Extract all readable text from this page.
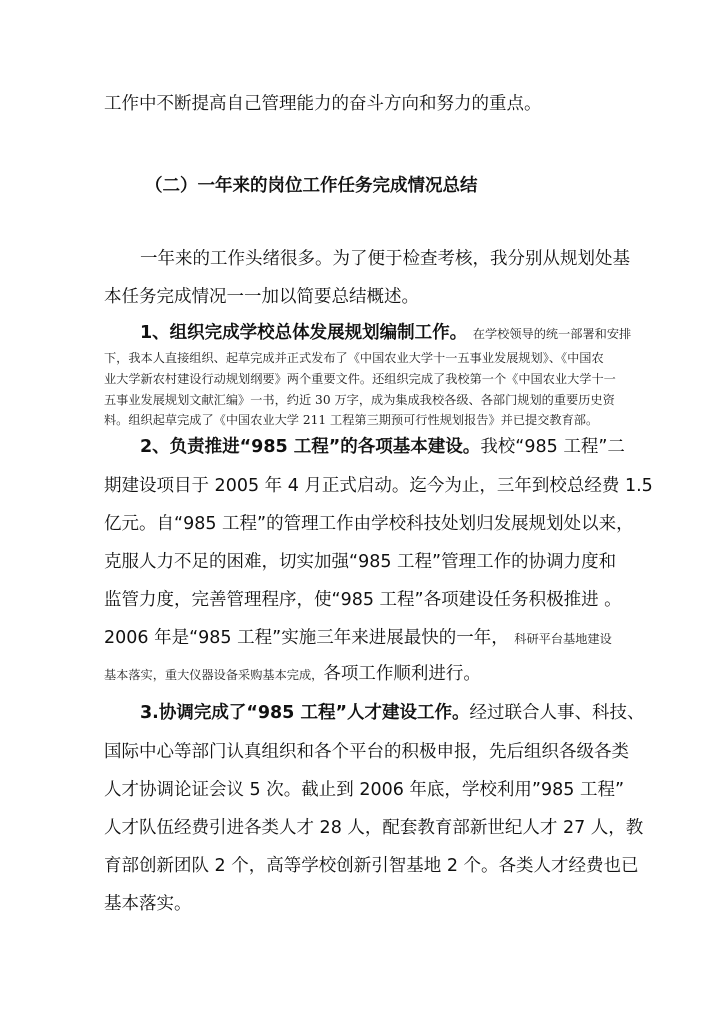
工作中不断提高自己管理能力的奋斗方向和努力的重点。
（二）一年来的岗位工作任务完成情况总结
一年来的工作头绪很多。为了便于检查考核，我分别从规划处基
本任务完成情况一一加以简要总结概述。
1、组织完成学校总体发展规划编制工作。 在学校领导的统一部署和安排
下，我本人直接组织、起草完成并正式发布了《中国农业大学十一五事业发展规划》、《中国农
业大学新农村建设行动规划纲要》两个重要文件。还组织完成了我校第一个《中国农业大学十一
五事业发展规划文献汇编》一书，约近 30 万字，成为集成我校各级、各部门规划的重要历史资
料。组织起草完成了《中国农业大学 211 工程第三期预可行性规划报告》并已提交教育部。
2、负责推进“985 工程”的各项基本建设。我校“985 工程”二
期建设项目于 2005 年 4 月正式启动。迄今为止，三年到校总经费 1.5
亿元。自“985 工程”的管理工作由学校科技处划归发展规划处以来，
克服人力不足的困难，切实加强“985 工程”管理工作的协调力度和
监管力度，完善管理程序，使“985 工程”各项建设任务积极推进 。
2006 年是“985 工程”实施三年来进展最快的一年， 科研平台基地建设
基本落实，重大仪器设备采购基本完成，各项工作顺利进行。
3.协调完成了“985 工程”人才建设工作。经过联合人事、科技、
国际中心等部门认真组织和各个平台的积极申报，先后组织各级各类
人才协调论证会议 5 次。截止到 2006 年底，学校利用”985 工程”
人才队伍经费引进各类人才 28 人，配套教育部新世纪人才 27 人，教
育部创新团队 2 个，高等学校创新引智基地 2 个。各类人才经费也已
基本落实。
